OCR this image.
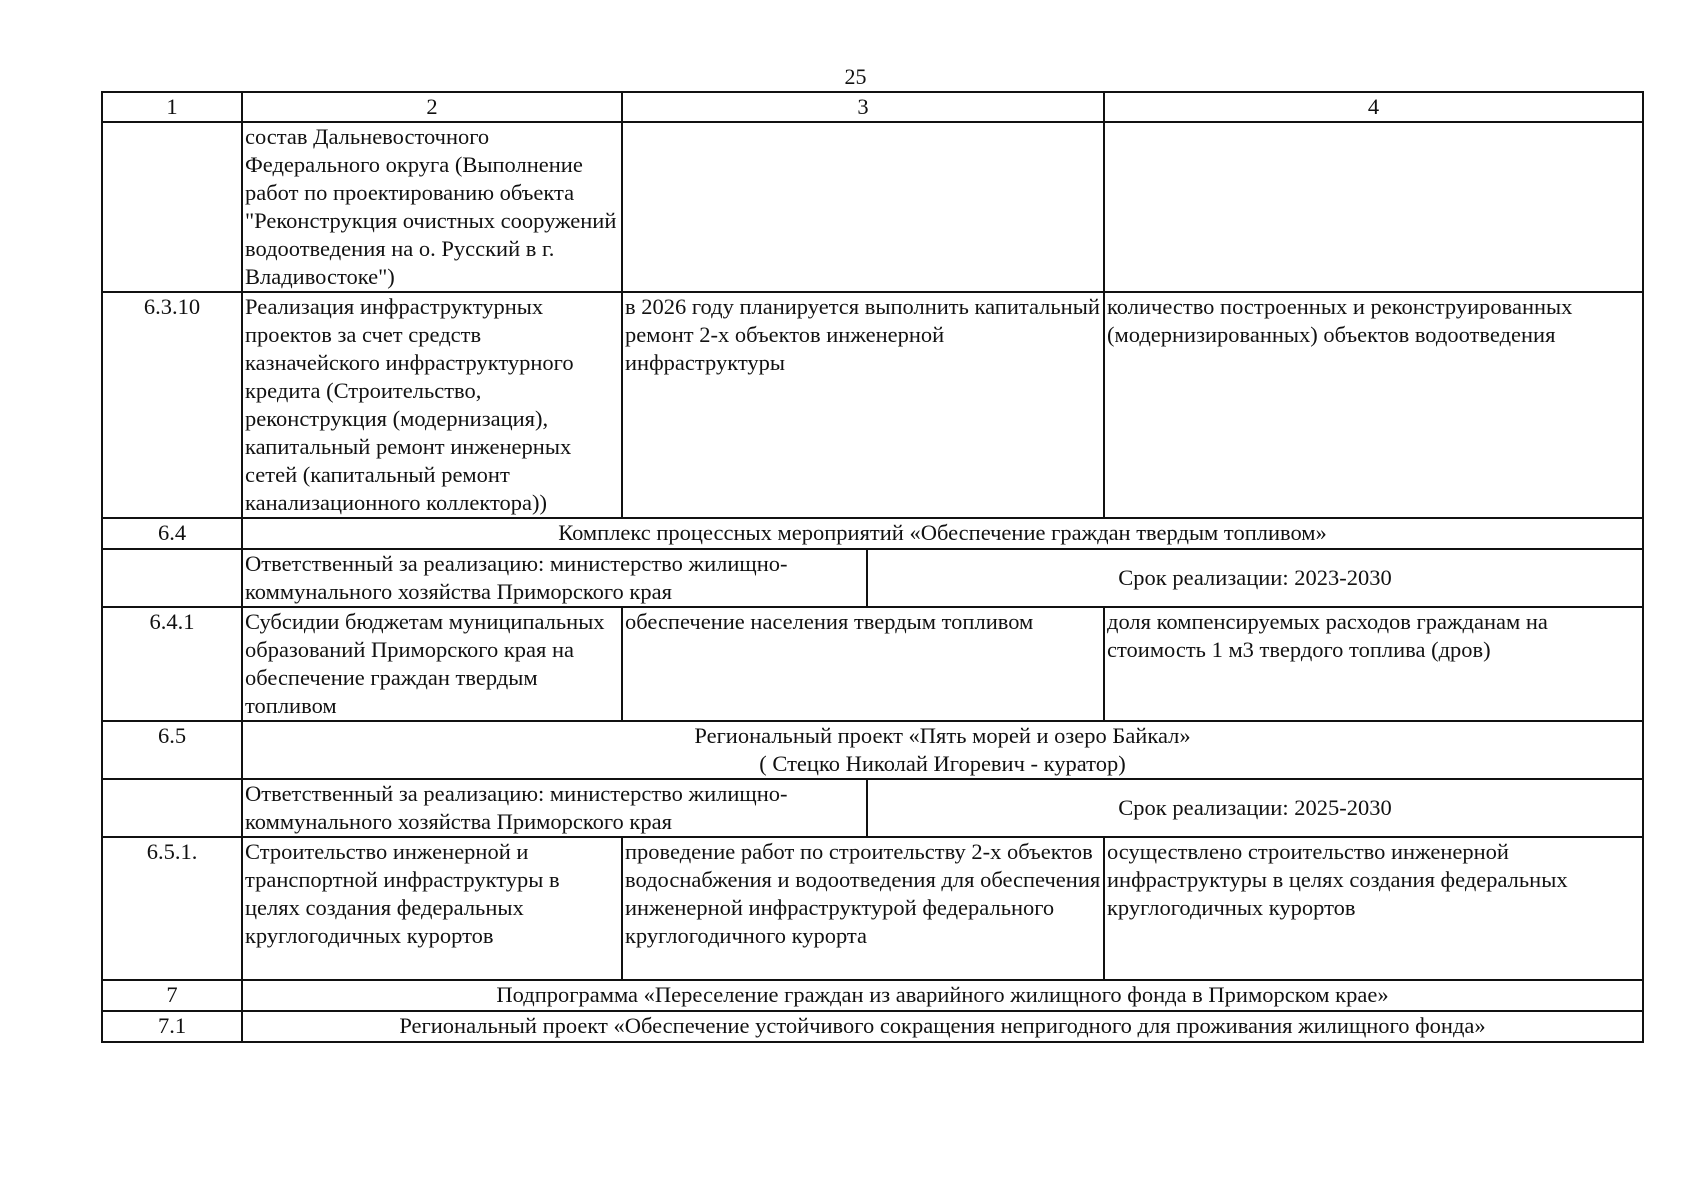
25
1	2	3		4
	состав Дальневосточного Федерального округа (Выполнение работ по проектированию объекта "Реконструкция очистных сооружений водоотведения на о. Русский в г. Владивостоке")			
6.3.10	Реализация инфраструктурных проектов за счет средств казначейского инфраструктурного кредита (Строительство, реконструкция (модернизация), капитальный ремонт инженерных сетей (капитальный ремонт канализационного коллектора))	в 2026 году планируется выполнить капитальный ремонт 2-х объектов инженерной инфраструктуры		количество построенных и реконструированных (модернизированных) объектов водоотведения
6.4	Комплекс процессных мероприятий «Обеспечение граждан твердым топливом»			
	Ответственный за реализацию: министерство жилищно-коммунального хозяйства Приморского края		Срок реализации: 2023-2030	
6.4.1	Субсидии бюджетам муниципальных образований Приморского края на обеспечение граждан твердым топливом	обеспечение населения твердым топливом		доля компенсируемых расходов гражданам на стоимость 1 м3 твердого топлива (дров)
6.5	Региональный проект «Пять морей и озеро Байкал»
( Стецко Николай Игоревич - куратор)			

	Ответственный за реализацию: министерство жилищно-коммунального хозяйства Приморского края		Срок реализации: 2025-2030	
6.5.1.	Строительство инженерной и транспортной инфраструктуры в целях создания федеральных круглогодичных курортов	проведение работ по строительству 2-х объектов водоснабжения и водоотведения для обеспечения инженерной инфраструктурой федерального круглогодичного курорта		осуществлено строительство инженерной инфраструктуры в целях создания федеральных круглогодичных курортов
7	Подпрограмма «Переселение граждан из аварийного жилищного фонда в Приморском крае»			
7.1	Региональный проект «Обеспечение устойчивого сокращения непригодного для проживания жилищного фонда»			
